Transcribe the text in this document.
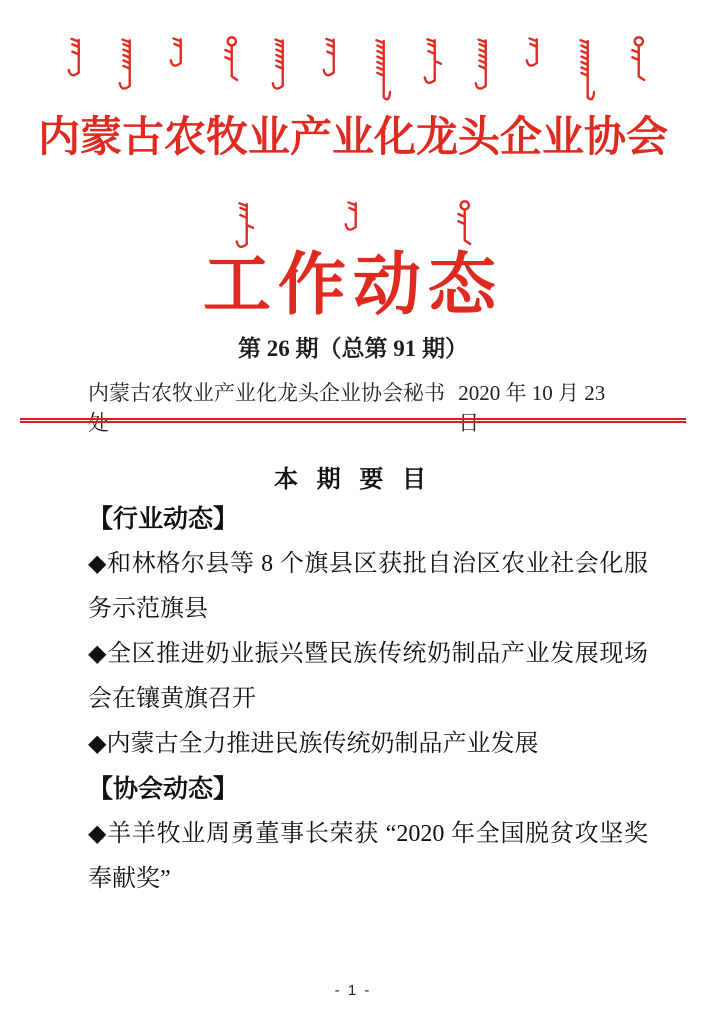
内蒙古农牧业产业化龙头企业协会
工作动态
第 26 期（总第 91 期）
内蒙古农牧业产业化龙头企业协会秘书处
2020 年 10 月 23 日
本 期 要 目
【行业动态】
◆和林格尔县等 8 个旗县区获批自治区农业社会化服务示范旗县
◆全区推进奶业振兴暨民族传统奶制品产业发展现场会在镶黄旗召开
◆内蒙古全力推进民族传统奶制品产业发展
【协会动态】
◆羊羊牧业周勇董事长荣获 “2020 年全国脱贫攻坚奖奉献奖”
- 1 -
